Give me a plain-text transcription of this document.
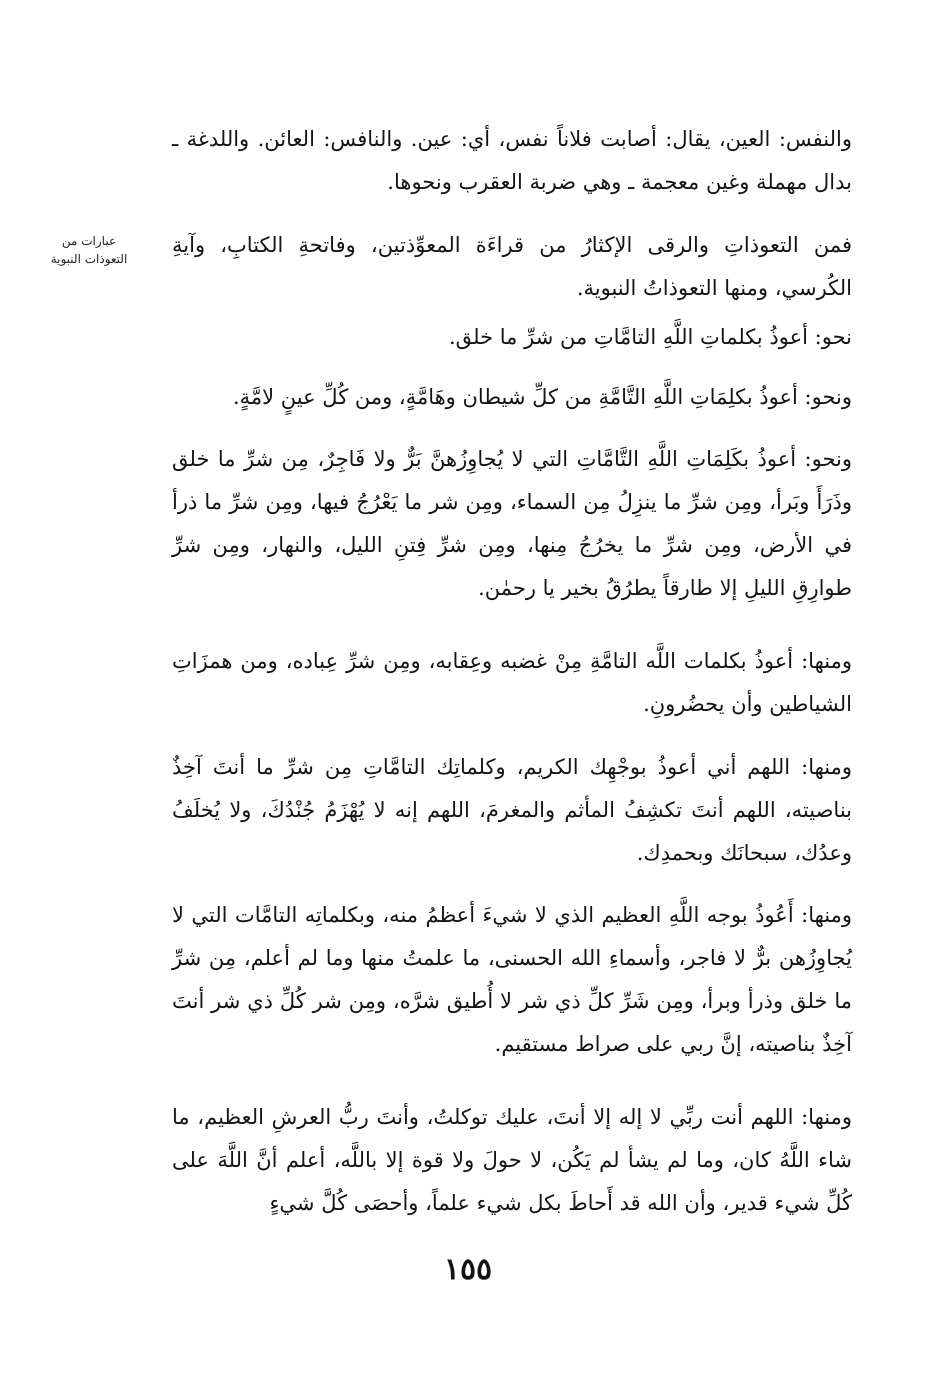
عبارات من التعوذات النبوية

والنفس: العين، يقال: أصابت فلاناً نفس، أي: عين. والنافس: العائن. واللدغة ـ بدال مهملة وغين معجمة ـ وهي ضربة العقرب ونحوها.

فمن التعوذاتِ والرقى الإكثارُ من قراءَة المعوِّذتين، وفاتحةِ الكتابِ، وآيةِ الكُرسي، ومنها التعوذاتُ النبوية.

نحو: أعوذُ بكلماتِ اللَّهِ التامَّاتِ من شرِّ ما خلق.

ونحو: أعوذُ بكلِمَاتِ اللَّهِ التَّامَّةِ من كلِّ شيطان وهَامَّةٍ، ومن كُلِّ عينٍ لامَّةٍ.

ونحو: أعوذُ بكَلِمَاتِ اللَّهِ التَّامَّاتِ التي لا يُجاوِزُهنَّ بَرٌّ ولا فَاجِرٌ، مِن شرِّ ما خلق وذَرَأَ وبَرأ، ومِن شرِّ ما ينزِلُ مِن السماء، ومِن شر ما يَعْرُجُ فيها، ومِن شرِّ ما ذرأ في الأرض، ومِن شرِّ ما يخرُجُ مِنها، ومِن شرِّ فِتنِ الليل، والنهار، ومِن شرِّ طوارِقِ الليلِ إلا طارقاً يطرُقُ بخير يا رحمٰن.

ومنها: أعوذُ بكلمات اللَّه التامَّةِ مِنْ غضبه وعِقابه، ومِن شرِّ عِباده، ومن همزَاتِ الشياطين وأن يحضُرونِ.

ومنها: اللهم أني أعوذُ بوجْهِك الكريم، وكلماتِك التامَّاتِ مِن شرِّ ما أنتَ آخِذٌ بناصيته، اللهم أنتَ تكشِفُ المأثم والمغرمَ، اللهم إنه لا يُهْزَمُ جُنْدُكَ، ولا يُخلَفُ وعدُك، سبحانَك وبحمدِك.

ومنها: أَعُوذُ بوجه اللَّهِ العظيم الذي لا شيءَ أعظمُ منه، وبكلماتِه التامَّات التي لا يُجاوِزُهن برٌّ لا فاجر، وأسماءِ الله الحسنى، ما علمتُ منها وما لم أعلم، مِن شرِّ ما خلق وذرأ وبرأ، ومِن شَرِّ كلِّ ذي شر لا أُطيق شرَّه، ومِن شر كُلِّ ذي شر أنتَ آخِذٌ بناصيته، إنَّ ربي على صراط مستقيم.

ومنها: اللهم أنت ربِّي لا إله إلا أنتَ، عليك توكلتُ، وأنتَ ربُّ العرشِ العظيم، ما شاء اللَّهُ كان، وما لم يشأ لم يَكُن، لا حولَ ولا قوة إلا باللَّه، أعلم أنَّ اللَّهَ على كُلِّ شيء قدير، وأن الله قد أَحاطَ بكل شيء علماً، وأحصَى كُلَّ شيءٍ

١٥٥
